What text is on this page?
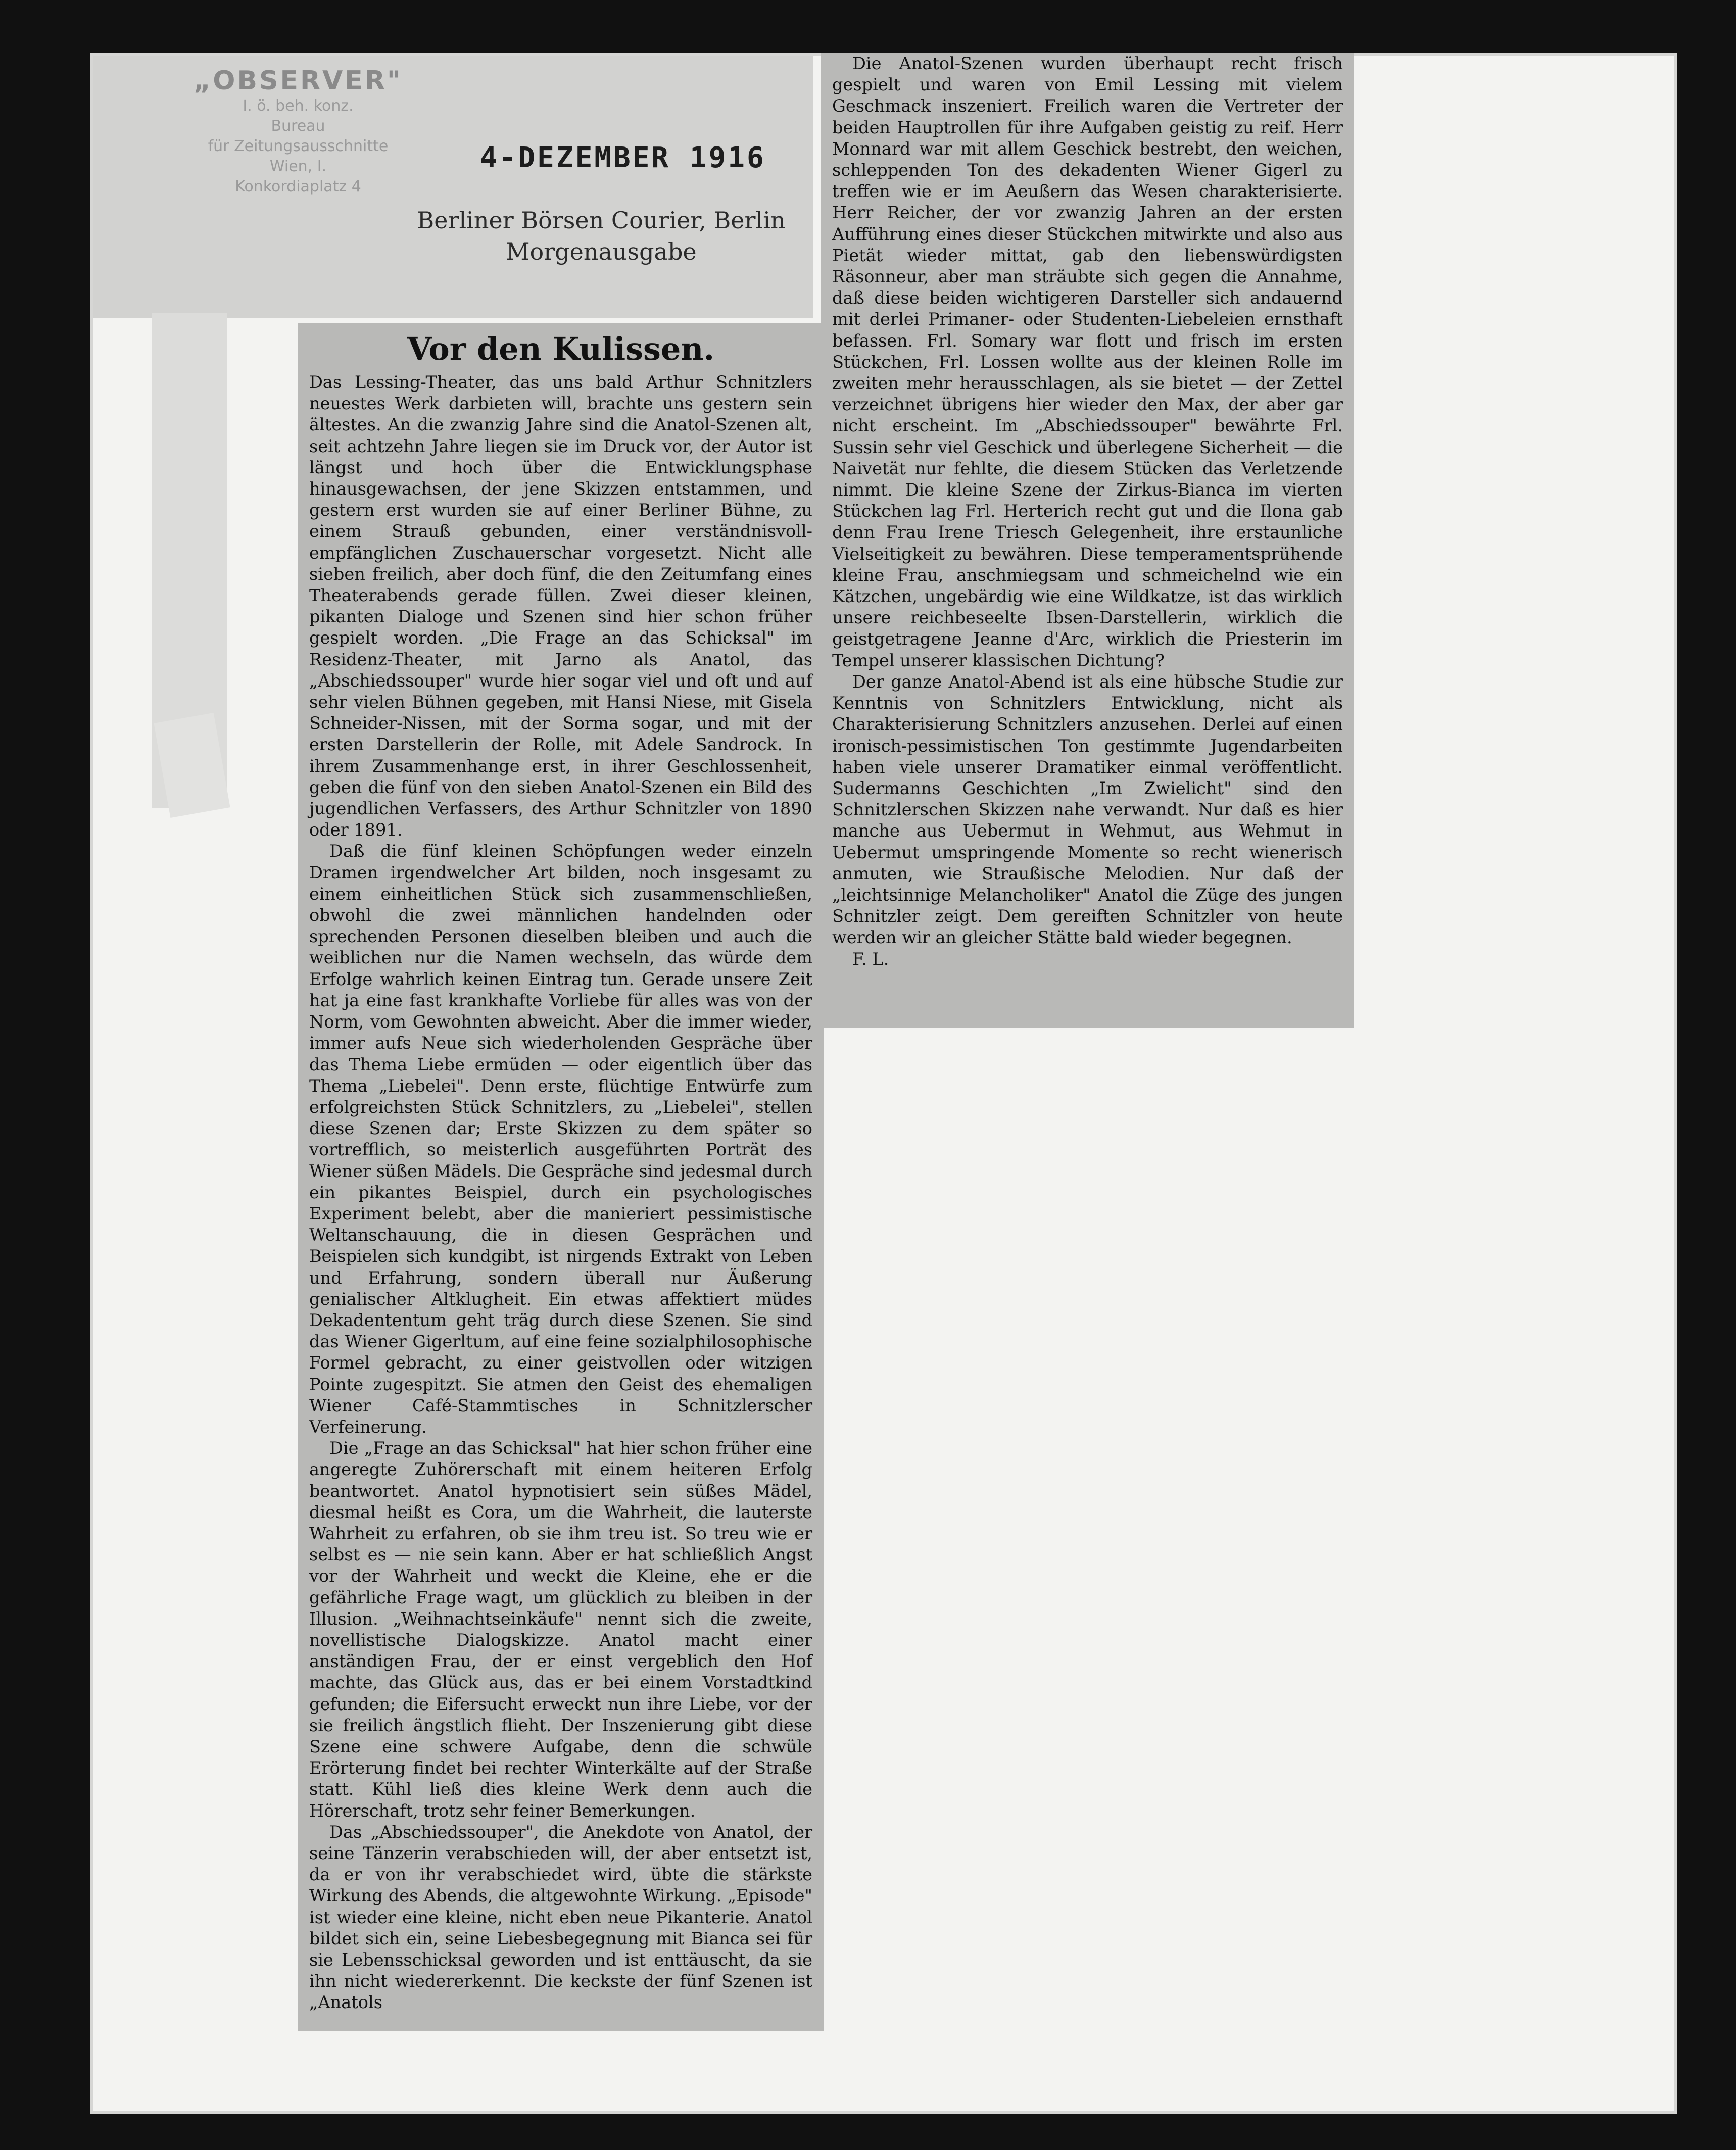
„OBSERVER"
I. ö. beh. konz.
Bureau
für Zeitungsausschnitte
Wien, I.
Konkordiaplatz 4
4-DEZEMBER 1916
Berliner Börsen Courier, Berlin
Morgenausgabe
Vor den Kulissen.

Das Lessing-Theater, das uns bald Arthur Schnitzlers neuestes Werk darbieten will, brachte uns gestern sein ältestes. An die zwanzig Jahre sind die Anatol-Szenen alt, seit achtzehn Jahre liegen sie im Druck vor, der Autor ist längst und hoch über die Entwicklungsphase hinausgewachsen, der jene Skizzen entstammen, und gestern erst wurden sie auf einer Berliner Bühne, zu einem Strauß gebunden, einer verständnisvoll-empfänglichen Zuschauerschar vorgesetzt. Nicht alle sieben freilich, aber doch fünf, die den Zeitumfang eines Theaterabends gerade füllen. Zwei dieser kleinen, pikanten Dialoge und Szenen sind hier schon früher gespielt worden. „Die Frage an das Schicksal" im Residenz-Theater, mit Jarno als Anatol, das „Abschiedssouper" wurde hier sogar viel und oft und auf sehr vielen Bühnen gegeben, mit Hansi Niese, mit Gisela Schneider-Nissen, mit der Sorma sogar, und mit der ersten Darstellerin der Rolle, mit Adele Sandrock. In ihrem Zusammenhange erst, in ihrer Geschlossenheit, geben die fünf von den sieben Anatol-Szenen ein Bild des jugendlichen Verfassers, des Arthur Schnitzler von 1890 oder 1891.

Daß die fünf kleinen Schöpfungen weder einzeln Dramen irgendwelcher Art bilden, noch insgesamt zu einem einheitlichen Stück sich zusammenschließen, obwohl die zwei männlichen handelnden oder sprechenden Personen dieselben bleiben und auch die weiblichen nur die Namen wechseln, das würde dem Erfolge wahrlich keinen Eintrag tun. Gerade unsere Zeit hat ja eine fast krankhafte Vorliebe für alles was von der Norm, vom Gewohnten abweicht. Aber die immer wieder, immer aufs Neue sich wiederholenden Gespräche über das Thema Liebe ermüden — oder eigentlich über das Thema „Liebelei". Denn erste, flüchtige Entwürfe zum erfolgreichsten Stück Schnitzlers, zu „Liebelei", stellen diese Szenen dar; Erste Skizzen zu dem später so vortrefflich, so meisterlich ausgeführten Porträt des Wiener süßen Mädels. Die Gespräche sind jedesmal durch ein pikantes Beispiel, durch ein psychologisches Experiment belebt, aber die manieriert pessimistische Weltanschauung, die in diesen Gesprächen und Beispielen sich kundgibt, ist nirgends Extrakt von Leben und Erfahrung, sondern überall nur Äußerung genialischer Altklugheit. Ein etwas affektiert müdes Dekadententum geht träg durch diese Szenen. Sie sind das Wiener Gigerltum, auf eine feine sozialphilosophische Formel gebracht, zu einer geistvollen oder witzigen Pointe zugespitzt. Sie atmen den Geist des ehemaligen Wiener Café-Stammtisches in Schnitzlerscher Verfeinerung.

Die „Frage an das Schicksal" hat hier schon früher eine angeregte Zuhörerschaft mit einem heiteren Erfolg beantwortet. Anatol hypnotisiert sein süßes Mädel, diesmal heißt es Cora, um die Wahrheit, die lauterste Wahrheit zu erfahren, ob sie ihm treu ist. So treu wie er selbst es — nie sein kann. Aber er hat schließlich Angst vor der Wahrheit und weckt die Kleine, ehe er die gefährliche Frage wagt, um glücklich zu bleiben in der Illusion. „Weihnachtseinkäufe" nennt sich die zweite, novellistische Dialogskizze. Anatol macht einer anständigen Frau, der er einst vergeblich den Hof machte, das Glück aus, das er bei einem Vorstadtkind gefunden; die Eifersucht erweckt nun ihre Liebe, vor der sie freilich ängstlich flieht. Der Inszenierung gibt diese Szene eine schwere Aufgabe, denn die schwüle Erörterung findet bei rechter Winterkälte auf der Straße statt. Kühl ließ dies kleine Werk denn auch die Hörerschaft, trotz sehr feiner Bemerkungen.

Das „Abschiedssouper", die Anekdote von Anatol, der seine Tänzerin verabschieden will, der aber entsetzt ist, da er von ihr verabschiedet wird, übte die stärkste Wirkung des Abends, die altgewohnte Wirkung. „Episode" ist wieder eine kleine, nicht eben neue Pikanterie. Anatol bildet sich ein, seine Liebesbegegnung mit Bianca sei für sie Lebensschicksal geworden und ist enttäuscht, da sie ihn nicht wiedererkennt. Die keckste der fünf Szenen ist „Anatols

Die Anatol-Szenen wurden überhaupt recht frisch gespielt und waren von Emil Lessing mit vielem Geschmack inszeniert. Freilich waren die Vertreter der beiden Hauptrollen für ihre Aufgaben geistig zu reif. Herr Monnard war mit allem Geschick bestrebt, den weichen, schleppenden Ton des dekadenten Wiener Gigerl zu treffen wie er im Aeußern das Wesen charakterisierte. Herr Reicher, der vor zwanzig Jahren an der ersten Aufführung eines dieser Stückchen mitwirkte und also aus Pietät wieder mittat, gab den liebenswürdigsten Räsonneur, aber man sträubte sich gegen die Annahme, daß diese beiden wichtigeren Darsteller sich andauernd mit derlei Primaner- oder Studenten-Liebeleien ernsthaft befassen. Frl. Somary war flott und frisch im ersten Stückchen, Frl. Lossen wollte aus der kleinen Rolle im zweiten mehr herausschlagen, als sie bietet — der Zettel verzeichnet übrigens hier wieder den Max, der aber gar nicht erscheint. Im „Abschiedssouper" bewährte Frl. Sussin sehr viel Geschick und überlegene Sicherheit — die Naivetät nur fehlte, die diesem Stücken das Verletzende nimmt. Die kleine Szene der Zirkus-Bianca im vierten Stückchen lag Frl. Herterich recht gut und die Ilona gab denn Frau Irene Triesch Gelegenheit, ihre erstaunliche Vielseitigkeit zu bewähren. Diese temperamentsprühende kleine Frau, anschmiegsam und schmeichelnd wie ein Kätzchen, ungebärdig wie eine Wildkatze, ist das wirklich unsere reichbeseelte Ibsen-Darstellerin, wirklich die geistgetragene Jeanne d'Arc, wirklich die Priesterin im Tempel unserer klassischen Dichtung?

Der ganze Anatol-Abend ist als eine hübsche Studie zur Kenntnis von Schnitzlers Entwicklung, nicht als Charakterisierung Schnitzlers anzusehen. Derlei auf einen ironisch-pessimistischen Ton gestimmte Jugendarbeiten haben viele unserer Dramatiker einmal veröffentlicht. Sudermanns Geschichten „Im Zwielicht" sind den Schnitzlerschen Skizzen nahe verwandt. Nur daß es hier manche aus Uebermut in Wehmut, aus Wehmut in Uebermut umspringende Momente so recht wienerisch anmuten, wie Straußische Melodien. Nur daß der „leichtsinnige Melancholiker" Anatol die Züge des jungen Schnitzler zeigt. Dem gereiften Schnitzler von heute werden wir an gleicher Stätte bald wieder begegnen.

F. L.
